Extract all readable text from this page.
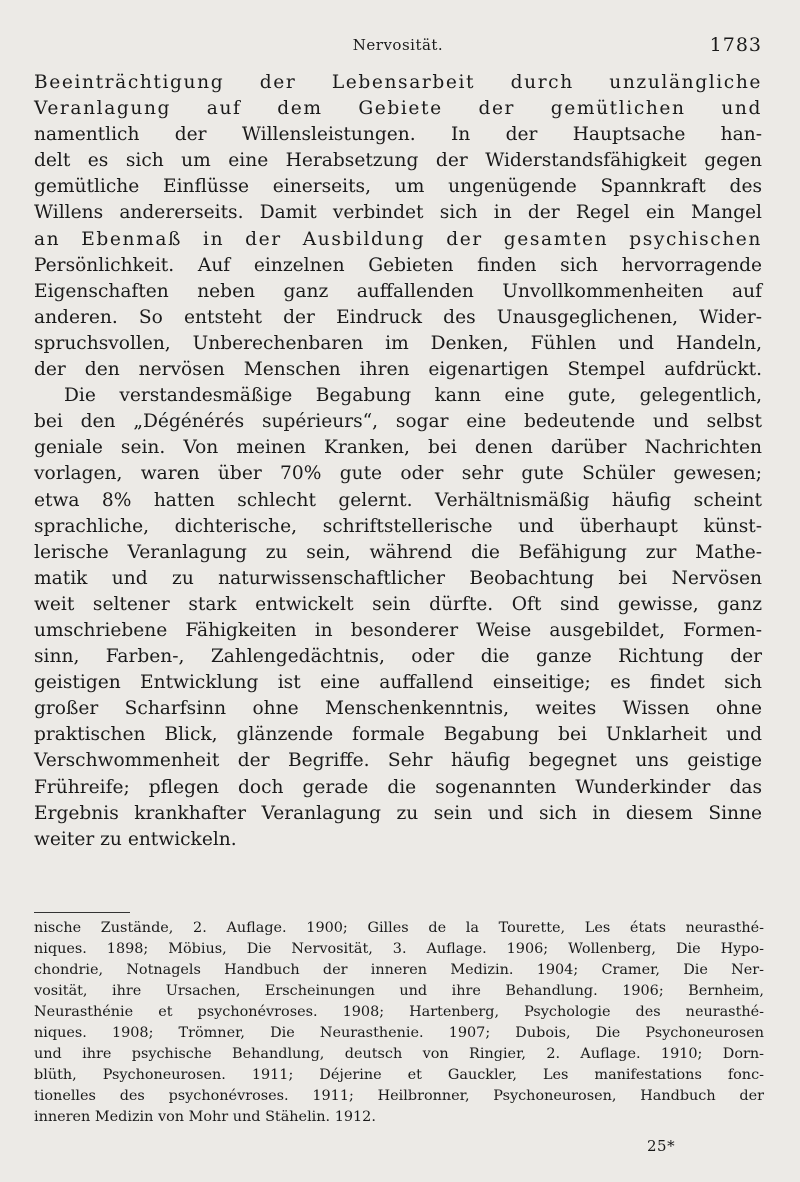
Nervosität.	1783
Beeinträchtigung der Lebensarbeit durch unzulängliche
Veranlagung auf dem Gebiete der gemütlichen und
namentlich der Willensleistungen. In der Hauptsache han-
delt es sich um eine Herabsetzung der Widerstandsfähigkeit gegen
gemütliche Einflüsse einerseits, um ungenügende Spannkraft des
Willens andererseits. Damit verbindet sich in der Regel ein Mangel
an Ebenmaß in der Ausbildung der gesamten psychischen
Persönlichkeit. Auf einzelnen Gebieten finden sich hervorragende
Eigenschaften neben ganz auffallenden Unvollkommenheiten auf
anderen. So entsteht der Eindruck des Unausgeglichenen, Wider-
spruchsvollen, Unberechenbaren im Denken, Fühlen und Handeln,
der den nervösen Menschen ihren eigenartigen Stempel aufdrückt.
Die verstandesmäßige Begabung kann eine gute, gelegentlich,
bei den „Dégénérés supérieurs“, sogar eine bedeutende und selbst
geniale sein. Von meinen Kranken, bei denen darüber Nachrichten
vorlagen, waren über 70% gute oder sehr gute Schüler gewesen;
etwa 8% hatten schlecht gelernt. Verhältnismäßig häufig scheint
sprachliche, dichterische, schriftstellerische und überhaupt künst-
lerische Veranlagung zu sein, während die Befähigung zur Mathe-
matik und zu naturwissenschaftlicher Beobachtung bei Nervösen
weit seltener stark entwickelt sein dürfte. Oft sind gewisse, ganz
umschriebene Fähigkeiten in besonderer Weise ausgebildet, Formen-
sinn, Farben-, Zahlengedächtnis, oder die ganze Richtung der
geistigen Entwicklung ist eine auffallend einseitige; es findet sich
großer Scharfsinn ohne Menschenkenntnis, weites Wissen ohne
praktischen Blick, glänzende formale Begabung bei Unklarheit und
Verschwommenheit der Begriffe. Sehr häufig begegnet uns geistige
Frühreife; pflegen doch gerade die sogenannten Wunderkinder das
Ergebnis krankhafter Veranlagung zu sein und sich in diesem Sinne
weiter zu entwickeln.
nische Zustände, 2. Auflage. 1900; Gilles de la Tourette, Les états neurasthé-
niques. 1898; Möbius, Die Nervosität, 3. Auflage. 1906; Wollenberg, Die Hypo-
chondrie, Notnagels Handbuch der inneren Medizin. 1904; Cramer, Die Ner-
vosität, ihre Ursachen, Erscheinungen und ihre Behandlung. 1906; Bernheim,
Neurasthénie et psychonévroses. 1908; Hartenberg, Psychologie des neurasthé-
niques. 1908; Trömner, Die Neurasthenie. 1907; Dubois, Die Psychoneurosen
und ihre psychische Behandlung, deutsch von Ringier, 2. Auflage. 1910; Dorn-
blüth, Psychoneurosen. 1911; Déjerine et Gauckler, Les manifestations fonc-
tionelles des psychonévroses. 1911; Heilbronner, Psychoneurosen, Handbuch der
inneren Medizin von Mohr und Stähelin. 1912.
25*
